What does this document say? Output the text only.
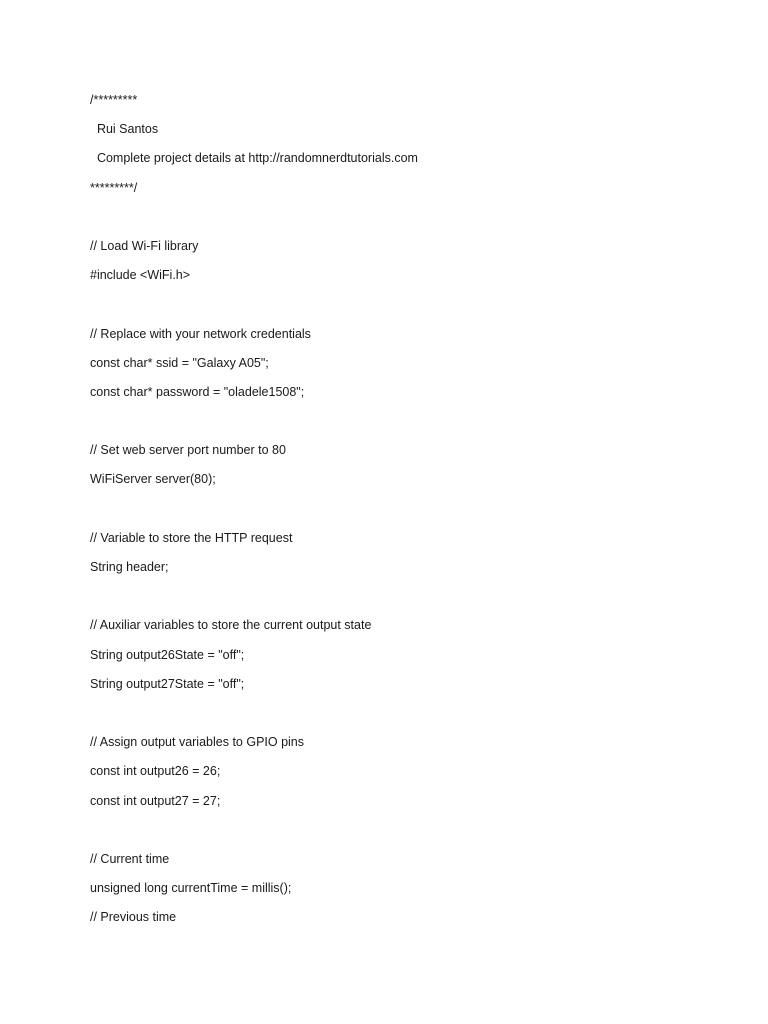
/*********
Rui Santos
Complete project details at http://randomnerdtutorials.com
*********/
// Load Wi-Fi library
#include <WiFi.h>
// Replace with your network credentials
const char* ssid = "Galaxy A05";
const char* password = "oladele1508";
// Set web server port number to 80
WiFiServer server(80);
// Variable to store the HTTP request
String header;
// Auxiliar variables to store the current output state
String output26State = "off";
String output27State = "off";
// Assign output variables to GPIO pins
const int output26 = 26;
const int output27 = 27;
// Current time
unsigned long currentTime = millis();
// Previous time
